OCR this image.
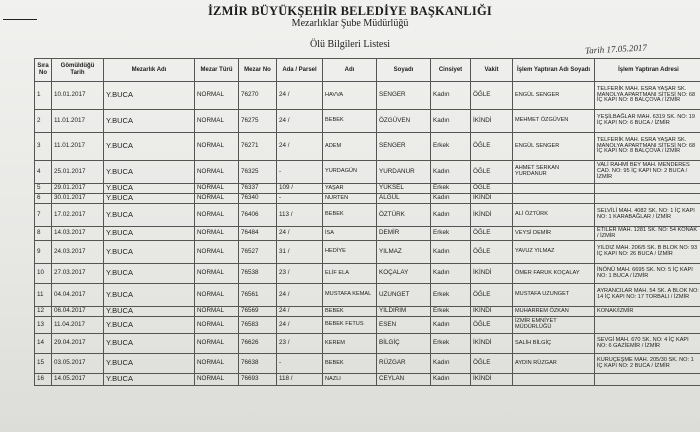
İZMİR BÜYÜKŞEHİR BELEDİYE BAŞKANLIĞI
Mezarlıklar Şube Müdürlüğü
Ölü Bilgileri Listesi	Tarih 17.05.2017
Sıra No	Gömüldüğü Tarih	Mezarlık Adı	Mezar Türü	Mezar No	Ada / Parsel	Adı	Soyadı	Cinsiyet	Vakit	İşlem Yaptıran Adı Soyadı	İşlem Yaptıran Adresi
1	10.01.2017	Y.BUCA	NORMAL	76270	24 /	HAVVA	SENGER	Kadın	ÖĞLE	ENGÜL SENGER	TELFERİK MAH. ESRA YAŞAR SK. MANOLYA APARTMANI SİTESİ NO: 68 İÇ KAPI NO: 8 BALÇOVA / İZMİR
2	11.01.2017	Y.BUCA	NORMAL	76275	24 /	BEBEK	ÖZGÜVEN	Kadın	İKİNDİ	MEHMET ÖZGÜVEN	YEŞİLBAĞLAR MAH. 6319 SK. NO: 19 İÇ KAPI NO: 6 BUCA / İZMİR
3	11.01.2017	Y.BUCA	NORMAL	76271	24 /	ADEM	SENGER	Erkek	ÖĞLE	ENGÜL SENGER	TELFERİK MAH. ESRA YAŞAR SK. MANOLYA APARTMANI SİTESİ NO: 68 İÇ KAPI NO: 8 BALÇOVA / İZMİR
4	25.01.2017	Y.BUCA	NORMAL	76325	-	YURDAGÜN	YURDANUR	Kadın	ÖĞLE	AHMET SERKAN YURDANUR	VALİ RAHMİ BEY MAH. MENDERES CAD. NO: 95 İÇ KAPI NO: 2 BUCA / İZMİR
5	29.01.2017	Y.BUCA	NORMAL	76337	109 /	YAŞAR	YÜKSEL	Erkek	ÖĞLE		
6	30.01.2017	Y.BUCA	NORMAL	76340	-	NURTEN	ALGÜL	Kadın	İKİNDİ		
7	17.02.2017	Y.BUCA	NORMAL	76406	113 /	BEBEK	ÖZTÜRK	Kadın	İKİNDİ	ALİ ÖZTÜRK	SELVİLİ MAH. 4082 SK. NO: 1 İÇ KAPI NO: 1 KARABAĞLAR / İZMİR
8	14.03.2017	Y.BUCA	NORMAL	76484	24 /	İSA	DEMİR	Erkek	ÖĞLE	VEYSİ DEMİR	ETİLER MAH. 1281 SK. NO: 54 KONAK / İZMİR
9	24.03.2017	Y.BUCA	NORMAL	76527	31 /	HEDİYE	YILMAZ	Kadın	ÖĞLE	YAVUZ YILMAZ	YILDIZ MAH. 206/5 SK. B BLOK NO: 93 İÇ KAPI NO: 26 BUCA / İZMİR
10	27.03.2017	Y.BUCA	NORMAL	76538	23 /	ELİF ELA	KOÇALAY	Kadın	İKİNDİ	ÖMER FARUK KOÇALAY	İNÖNÜ MAH. 6695 SK. NO: 5 İÇ KAPI NO: 1 BUCA / İZMİR
11	04.04.2017	Y.BUCA	NORMAL	76561	24 /	MUSTAFA KEMAL	UZUNGET	Erkek	ÖĞLE	MUSTAFA UZUNGET	AYRANCILAR MAH. 54 SK. A BLOK NO: 14 İÇ KAPI NO: 17 TORBALI / İZMİR
12	06.04.2017	Y.BUCA	NORMAL	76569	24 /	BEBEK	YILDIRIM	Erkek	İKİNDİ	MUHARREM ÖZKAN	KONAK/İZMİR
13	11.04.2017	Y.BUCA	NORMAL	76583	24 /	BEBEK FETUS	ESEN	Kadın	ÖĞLE	İZMİR EMNİYET MÜDÜRLÜĞÜ	
14	29.04.2017	Y.BUCA	NORMAL	76626	23 /	KEREM	BİLGİÇ	Erkek	İKİNDİ	SALİH BİLGİÇ	SEVGİ MAH. 670 SK. NO: 4 İÇ KAPI NO: 6 GAZİEMİR / İZMİR
15	03.05.2017	Y.BUCA	NORMAL	76638	-	BEBEK	RÜZGAR	Kadın	ÖĞLE	AYDIN RÜZGAR	KURUÇEŞME MAH. 205/30 SK. NO: 1 İÇ KAPI NO: 2 BUCA / İZMİR
16	14.05.2017	Y.BUCA	NORMAL	76693	118 /	NAZLI	CEYLAN	Kadın	İKİNDİ		
